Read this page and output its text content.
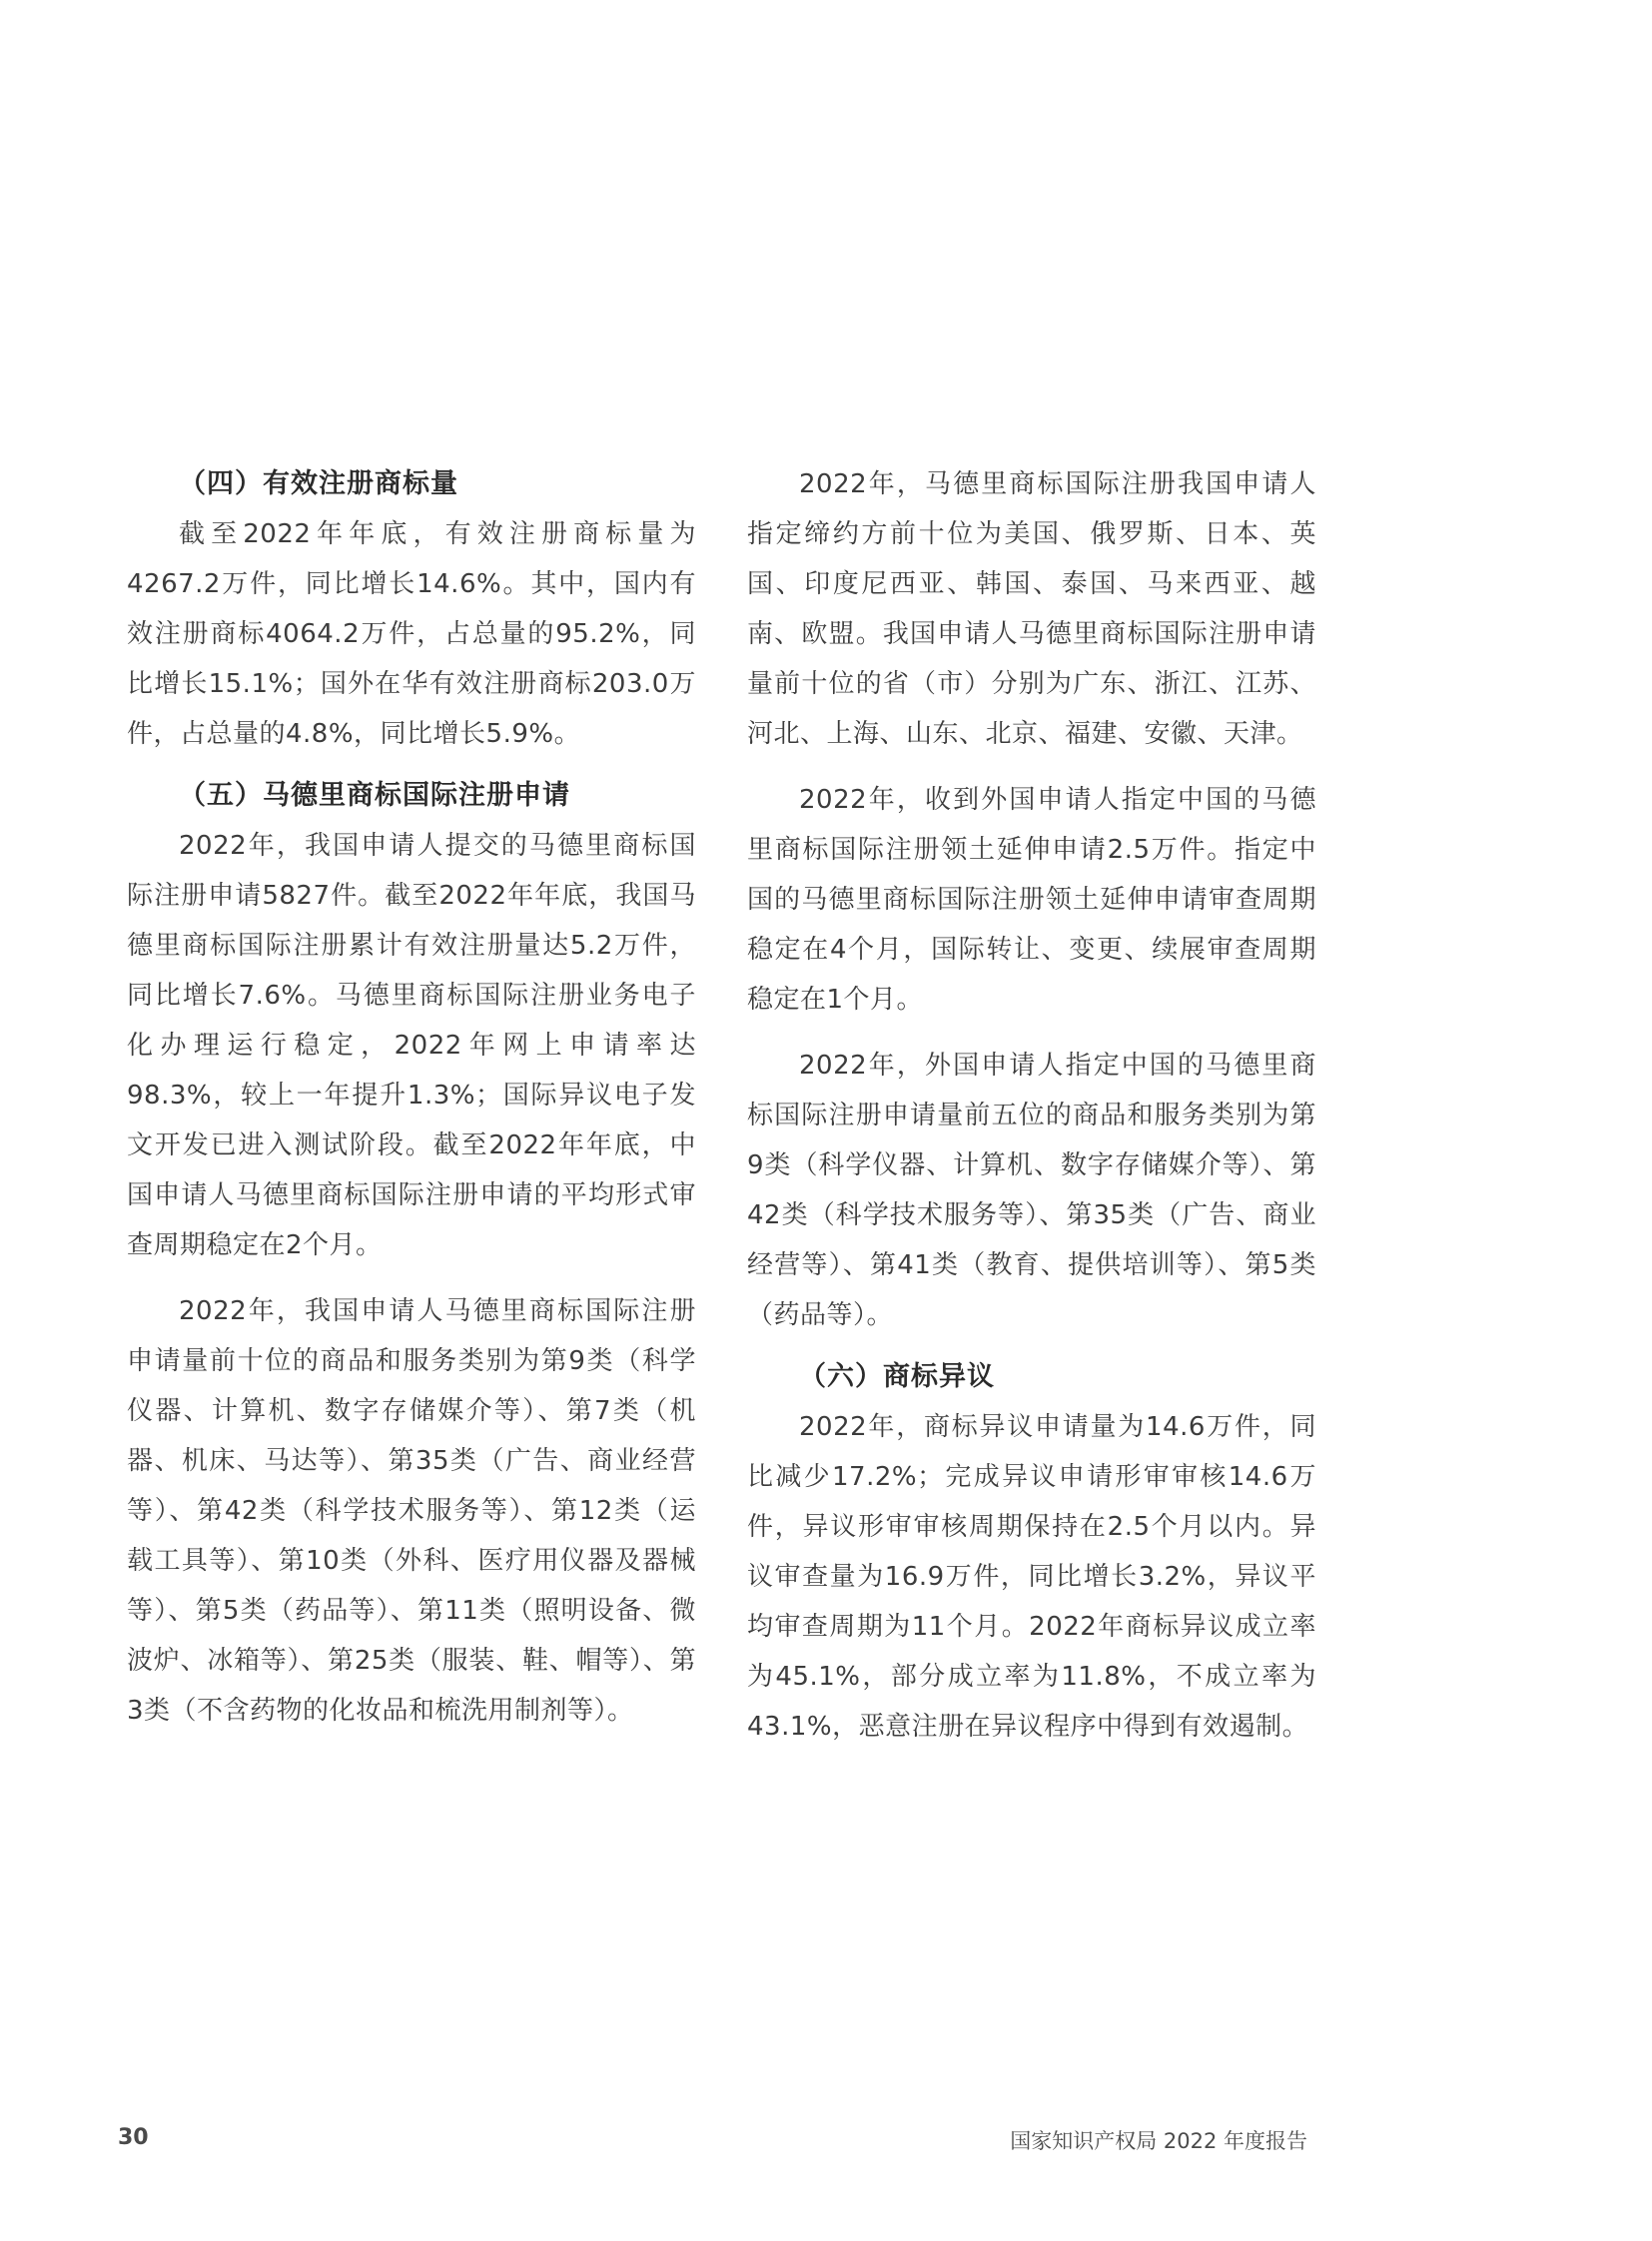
（四）有效注册商标量

截至2022年年底，有效注册商标量为4267.2万件，同比增长14.6%。其中，国内有效注册商标4064.2万件，占总量的95.2%，同比增长15.1%；国外在华有效注册商标203.0万件，占总量的4.8%，同比增长5.9%。

（五）马德里商标国际注册申请

2022年，我国申请人提交的马德里商标国际注册申请5827件。截至2022年年底，我国马德里商标国际注册累计有效注册量达5.2万件，同比增长7.6%。马德里商标国际注册业务电子化办理运行稳定，2022年网上申请率达98.3%，较上一年提升1.3%；国际异议电子发文开发已进入测试阶段。截至2022年年底，中国申请人马德里商标国际注册申请的平均形式审查周期稳定在2个月。

2022年，我国申请人马德里商标国际注册申请量前十位的商品和服务类别为第9类（科学仪器、计算机、数字存储媒介等）、第7类（机器、机床、马达等）、第35类（广告、商业经营等）、第42类（科学技术服务等）、第12类（运载工具等）、第10类（外科、医疗用仪器及器械等）、第5类（药品等）、第11类（照明设备、微波炉、冰箱等）、第25类（服装、鞋、帽等）、第3类（不含药物的化妆品和梳洗用制剂等）。

2022年，马德里商标国际注册我国申请人指定缔约方前十位为美国、俄罗斯、日本、英国、印度尼西亚、韩国、泰国、马来西亚、越南、欧盟。我国申请人马德里商标国际注册申请量前十位的省（市）分别为广东、浙江、江苏、河北、上海、山东、北京、福建、安徽、天津。

2022年，收到外国申请人指定中国的马德里商标国际注册领土延伸申请2.5万件。指定中国的马德里商标国际注册领土延伸申请审查周期稳定在4个月，国际转让、变更、续展审查周期稳定在1个月。

2022年，外国申请人指定中国的马德里商标国际注册申请量前五位的商品和服务类别为第9类（科学仪器、计算机、数字存储媒介等）、第42类（科学技术服务等）、第35类（广告、商业经营等）、第41类（教育、提供培训等）、第5类（药品等）。

（六）商标异议

2022年，商标异议申请量为14.6万件，同比减少17.2%；完成异议申请形审审核14.6万件，异议形审审核周期保持在2.5个月以内。异议审查量为16.9万件，同比增长3.2%，异议平均审查周期为11个月。2022年商标异议成立率为45.1%，部分成立率为11.8%，不成立率为43.1%，恶意注册在异议程序中得到有效遏制。

30	国家知识产权局 2022 年度报告
